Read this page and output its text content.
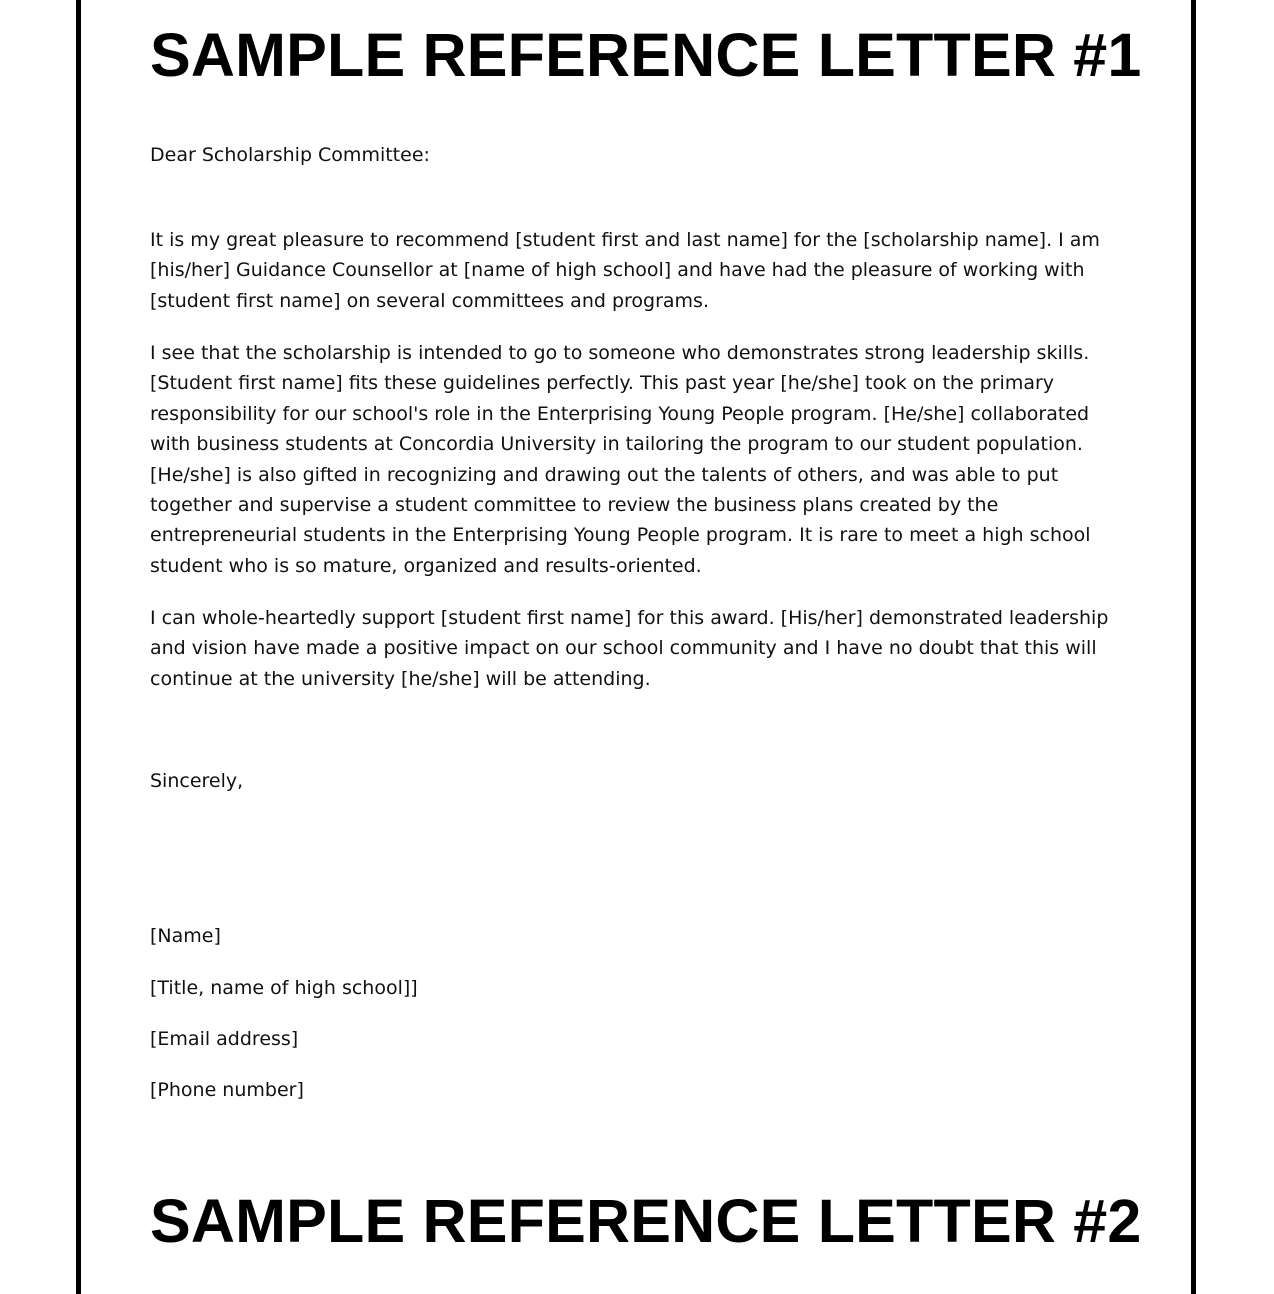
SAMPLE REFERENCE LETTER #1

Dear Scholarship Committee:

It is my great pleasure to recommend [student first and last name] for the [scholarship name]. I am [his/her] Guidance Counsellor at [name of high school] and have had the pleasure of working with [student first name] on several committees and programs.

I see that the scholarship is intended to go to someone who demonstrates strong leadership skills. [Student first name] fits these guidelines perfectly. This past year [he/she] took on the primary responsibility for our school's role in the Enterprising Young People program. [He/she] collaborated with business students at Concordia University in tailoring the program to our student population. [He/she] is also gifted in recognizing and drawing out the talents of others, and was able to put together and supervise a student committee to review the business plans created by the entrepreneurial students in the Enterprising Young People program. It is rare to meet a high school student who is so mature, organized and results-oriented.

I can whole-heartedly support [student first name] for this award. [His/her] demonstrated leadership and vision have made a positive impact on our school community and I have no doubt that this will continue at the university [he/she] will be attending.

Sincerely,

[Name]

[Title, name of high school]]

[Email address]

[Phone number]

SAMPLE REFERENCE LETTER #2
